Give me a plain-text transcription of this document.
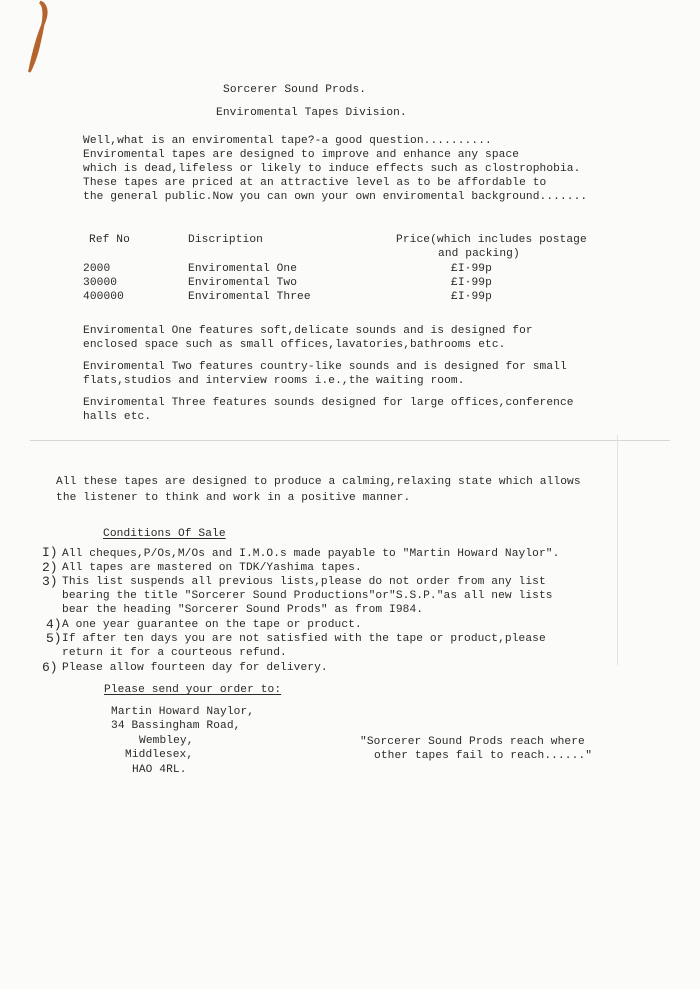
Sorcerer Sound Prods.
Enviromental Tapes Division.
Well,what is an enviromental tape?-a good question..........
Enviromental tapes are designed to improve and enhance any space
which is dead,lifeless or likely to induce effects such as clostrophobia.
These tapes are priced at an attractive level as to be affordable to
the general public.Now you can own your own enviromental background.......
Ref No	Discription	Price(which includes postage
and packing)
2000	Enviromental One	£I·99p
30000	Enviromental Two	£I·99p
400000	Enviromental Three	£I·99p
Enviromental One features soft,delicate sounds and is designed for
enclosed space such as small offices,lavatories,bathrooms etc.
Enviromental Two features country-like sounds and is designed for small
flats,studios and interview rooms i.e.,the waiting room.
Enviromental Three features sounds designed for large offices,conference
halls etc.
All these tapes are designed to produce a calming,relaxing state which allows
the listener to think and work in a positive manner.
Conditions Of Sale
I) All cheques,P/Os,M/Os and I.M.O.s made payable to "Martin Howard Naylor".
2) All tapes are mastered on TDK/Yashima tapes.
3) This list suspends all previous lists,please do not order from any list
bearing the title "Sorcerer Sound Productions"or"S.S.P."as all new lists
bear the heading "Sorcerer Sound Prods" as from I984.
4) A one year guarantee on the tape or product.
5) If after ten days you are not satisfied with the tape or product,please
return it for a courteous refund.
6) Please allow fourteen day for delivery.
Please send your order to:
Martin Howard Naylor,
34 Bassingham Road,
Wembley,
Middlesex,
HAO 4RL.
"Sorcerer Sound Prods reach where
other tapes fail to reach......"
